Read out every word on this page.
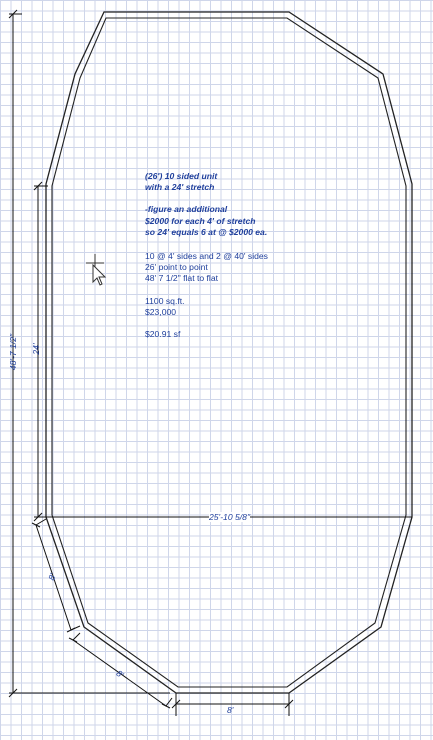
(26') 10 sided unit
with a 24' stretch
-figure an additional
$2000 for each 4' of stretch
so 24' equals 6 at @ $2000 ea.
10 @ 4' sides and 2 @ 40' sides
26' point to point
48' 7 1/2" flat to flat
1100 sq.ft.
$23,000
$20.91 sf
48'-7 1/2" 24'
25'-10 5/8"
8'
8'
8'
